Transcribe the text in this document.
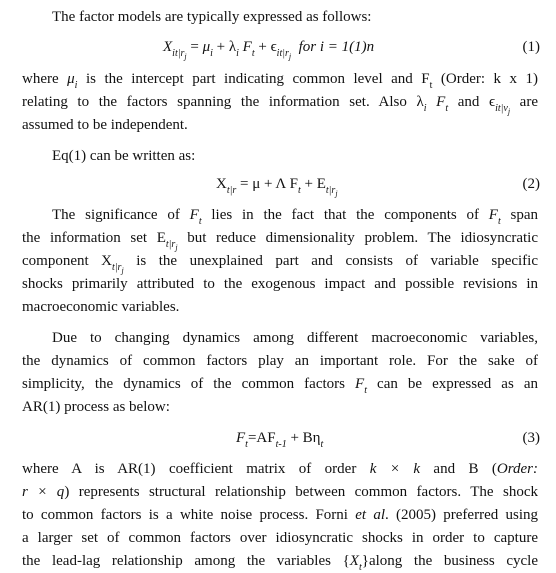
The factor models are typically expressed as follows:
$X_{it|r_j} = \mu_i + \lambda_i$ $F_t + \epsilon_{it|r_j}$  for i = 1(1)n	(1)
where $\mu_i$ is the intercept part indicating common level and $F_t$ (Order: k x 1)
relating to the factors spanning the information set. Also $\lambda_i$ $F_t$ and $\epsilon_{it|v_j}$ are
assumed to be independent.
Eq(1) can be written as:
$X_{t|r} = \mu + \Lambda$ $F_t + E_{t|r_j}$
(2)
The significance of $F_t$ lies in the fact that the components of $F_t$ span
the information set $E_{t|r_j}$ but reduce dimensionality problem. The idiosyncratic
component $X_{t|r_j}$ is the unexplained part and consists of variable specific
shocks primarily attributed to the exogenous impact and possible revisions in
macroeconomic variables.
Due to changing dynamics among different macroeconomic variables,
the dynamics of common factors play an important role. For the sake of
simplicity, the dynamics of the common factors $F_t$ can be expressed as an
AR(1) process as below:
$F_t=AF_{t-1} + B\eta_t$	(3)
where A is AR(1) coefficient matrix of order k × k and B (Order:
r × q) represents structural relationship between common factors. The shock
to common factors is a white noise process. Forni et al. (2005) preferred using
a larger set of common factors over idiosyncratic shocks in order to capture
the lead-lag relationship among the variables $\{X_t\}along$ the business cycle
